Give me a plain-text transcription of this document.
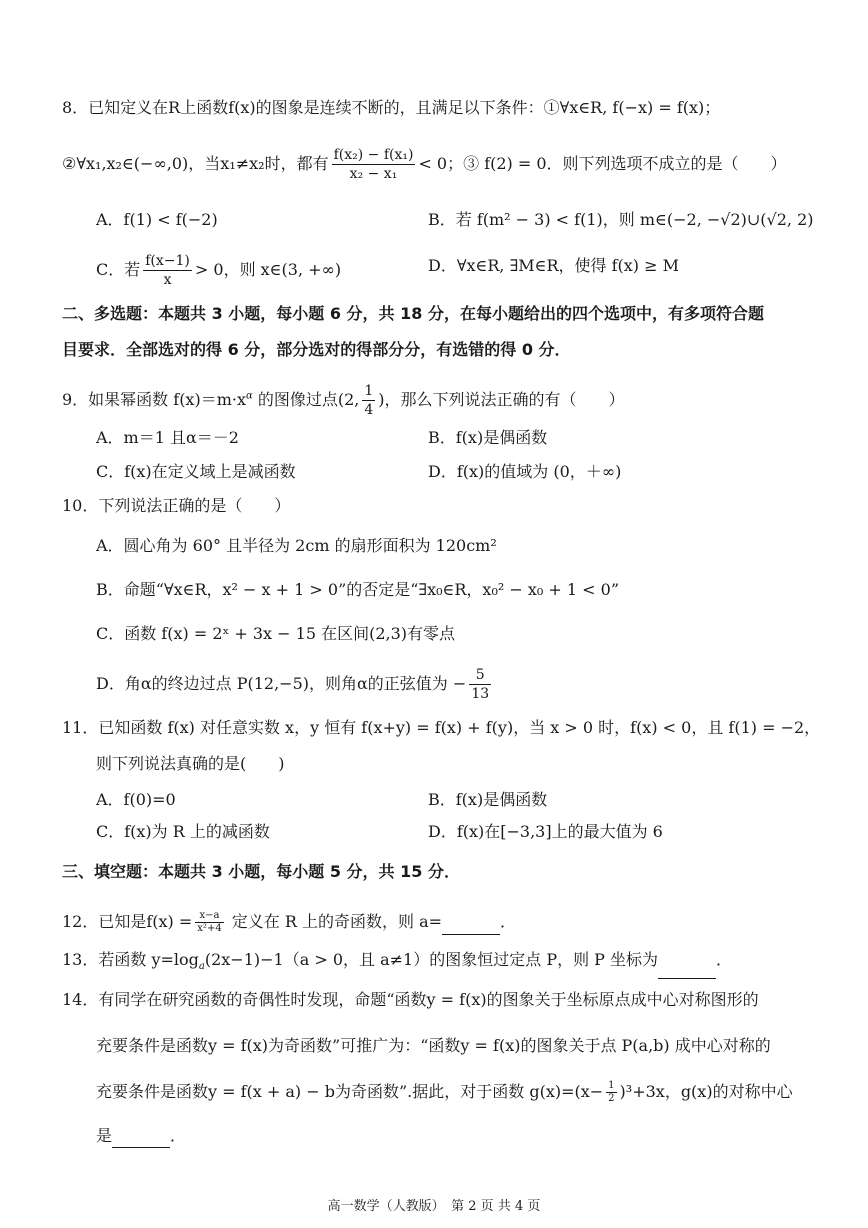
8．已知定义在R上函数f(x)的图象是连续不断的，且满足以下条件：①∀x∈R, f(−x) = f(x)；
②∀x₁,x₂∈(−∞,0)，当x₁≠x₂时，都有 $\frac{\text{f(x₂) − f(x₁)}}{\text{x₂ − x₁}} < 0$；③ f(2) = 0．则下列选项不成立的是（　　）
A．f(1) < f(−2)	B．若 f(m² − 3) < f(1)，则 m∈(−2, −√2)∪(√2, 2)
C．若 $\frac{f(x-1)}{x} > 0$，则 x∈(3, +∞)	D．∀x∈R, ∃M∈R，使得 f(x) ≥ M
二、多选题：本题共 3 小题，每小题 6 分，共 18 分，在每小题给出的四个选项中，有多项符合题
目要求．全部选对的得 6 分，部分选对的得部分分，有选错的得 0 分．
9．如果幂函数 $f(x)=m\cdot x^\alpha$ 的图像过点(2, $\frac{1}{4}$ )，那么下列说法正确的有（　　）
A．m＝1 且α＝－2	B．f(x)是偶函数
C．f(x)在定义域上是减函数	D．f(x)的值域为 (0，＋∞)
10．下列说法正确的是（　　）
A．圆心角为 60° 且半径为 2cm 的扇形面积为 120cm²
B．命题“∀x∈R，x² − x + 1 > 0”的否定是“∃x₀∈R，x₀² − x₀ + 1 < 0”
C．函数 f(x) = 2ˣ + 3x − 15 在区间(2,3)有零点
D．角α的终边过点 P(12,−5)，则角α的正弦值为 − $\frac{5}{13}$
11．已知函数 f(x) 对任意实数 x，y 恒有 f(x+y) = f(x) + f(y)，当 x > 0 时，f(x) < 0，且 f(1) = −2，
则下列说法真确的是(　　)
A．f(0)=0	B．f(x)是偶函数
C．f(x)为 R 上的减函数	D．f(x)在[−3,3]上的最大值为 6
三、填空题：本题共 3 小题，每小题 5 分，共 15 分．
12．已知是$f(x) = \frac{x-a}{\text{x²+4}}$ 定义在 R 上的奇函数，则 a=	．
13．若函数 $y=\log_a(2x-1)-1(a > 0$，且 a≠1）的图象恒过定点 P，则 P 坐标为	．
14．有同学在研究函数的奇偶性时发现，命题“函数y = f(x)的图象关于坐标原点成中心对称图形的
充要条件是函数y = f(x)为奇函数”可推广为：“函数y = f(x)的图象关于点 P(a,b) 成中心对称的
充要条件是函数y = f(x + a) − b为奇函数”.据此，对于函数 $g(x)=(x- \frac{1}{2} )^3+3x$，g(x)的对称中心
是	．
高一数学（人教版）　第 2 页 共 4 页
